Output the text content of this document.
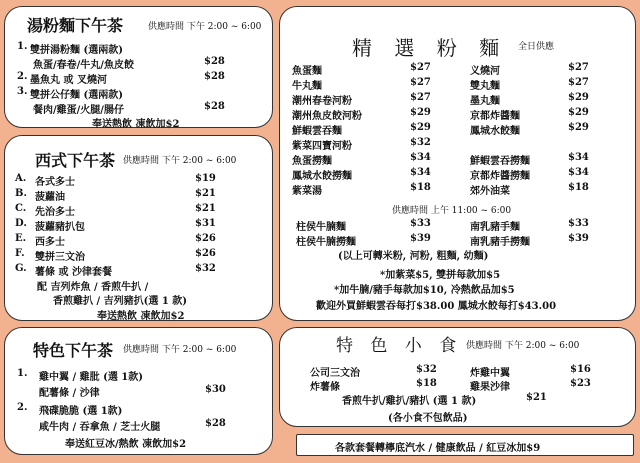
湯粉麵下午茶	供應時間 下午 2:00 ~ 6:00
1. 雙拼湯粉麵 (選兩款)
魚蛋/春卷/牛丸/魚皮餃	$28
2. 墨魚丸 或 叉燒河	$28
3. 雙拼公仔麵 (選兩款)
餐肉/雞蛋/火腿/腸仔	$28
奉送熱飲 凍飲加$2
西式下午茶 供應時間 下午 2:00 ~ 6:00
A. 各式多士	$19
B. 菠蘿油	$21
C. 先治多士	$21
D. 菠蘿豬扒包	$31
E. 西多士	$26
F. 雙拼三文治	$26
G. 薯條 或 沙律套餐	$32
配 吉列炸魚 / 香煎牛扒 /
香煎雞扒 / 吉列豬扒(選 1 款)
奉送熱飲 凍飲加$2
特色下午茶 供應時間 下午 2:00 ~ 6:00
1. 雞中翼 / 雞肶 (選 1款)
配薯條 / 沙律	$30
2. 飛碟脆脆 (選 1款)
咸牛肉 / 吞拿魚 / 芝士火腿	$28
奉送紅豆冰/熱飲 凍飲加$2
精 選 粉 麵 全日供應
魚蛋麵	$27
牛丸麵	$27
潮州春卷河粉	$27
潮州魚皮餃河粉	$29
鮮蝦雲吞麵	$29
紫菜四寶河粉	$32
魚蛋撈麵	$34
鳳城水餃撈麵	$34
紫菜湯	$18
义燒河	$27
雙丸麵	$27
墨丸麵	$29
京都炸醬麵	$29
鳳城水餃麵	$29
鮮蝦雲吞撈麵	$34
京都炸醬撈麵	$34
郊外油菜	$18
供應時間 上午 11:00 ~ 6:00
柱侯牛腩麵	$33
柱侯牛腩撈麵	$39
南乳豬手麵	$33
南乳豬手撈麵	$39
(以上可轉米粉, 河粉, 粗麵, 幼麵)
*加紫菜$5, 雙拼每款加$5
*加牛腩/豬手每款加$10, 冷熱飲品加$5
歡迎外買鮮蝦雲吞每打$38.00 鳳城水餃每打$43.00
特 色 小 食 供應時間 下午 2:00 ~ 6:00
公司三文治	$32
炸薯條	$18
炸雞中翼	$16
雞果沙律	$23
香煎牛扒/雞扒/豬扒 (選 1 款)	$21
(各小食不包飲品)
各款套餐轉檸底汽水 / 健康飲品 / 紅豆冰加$9
